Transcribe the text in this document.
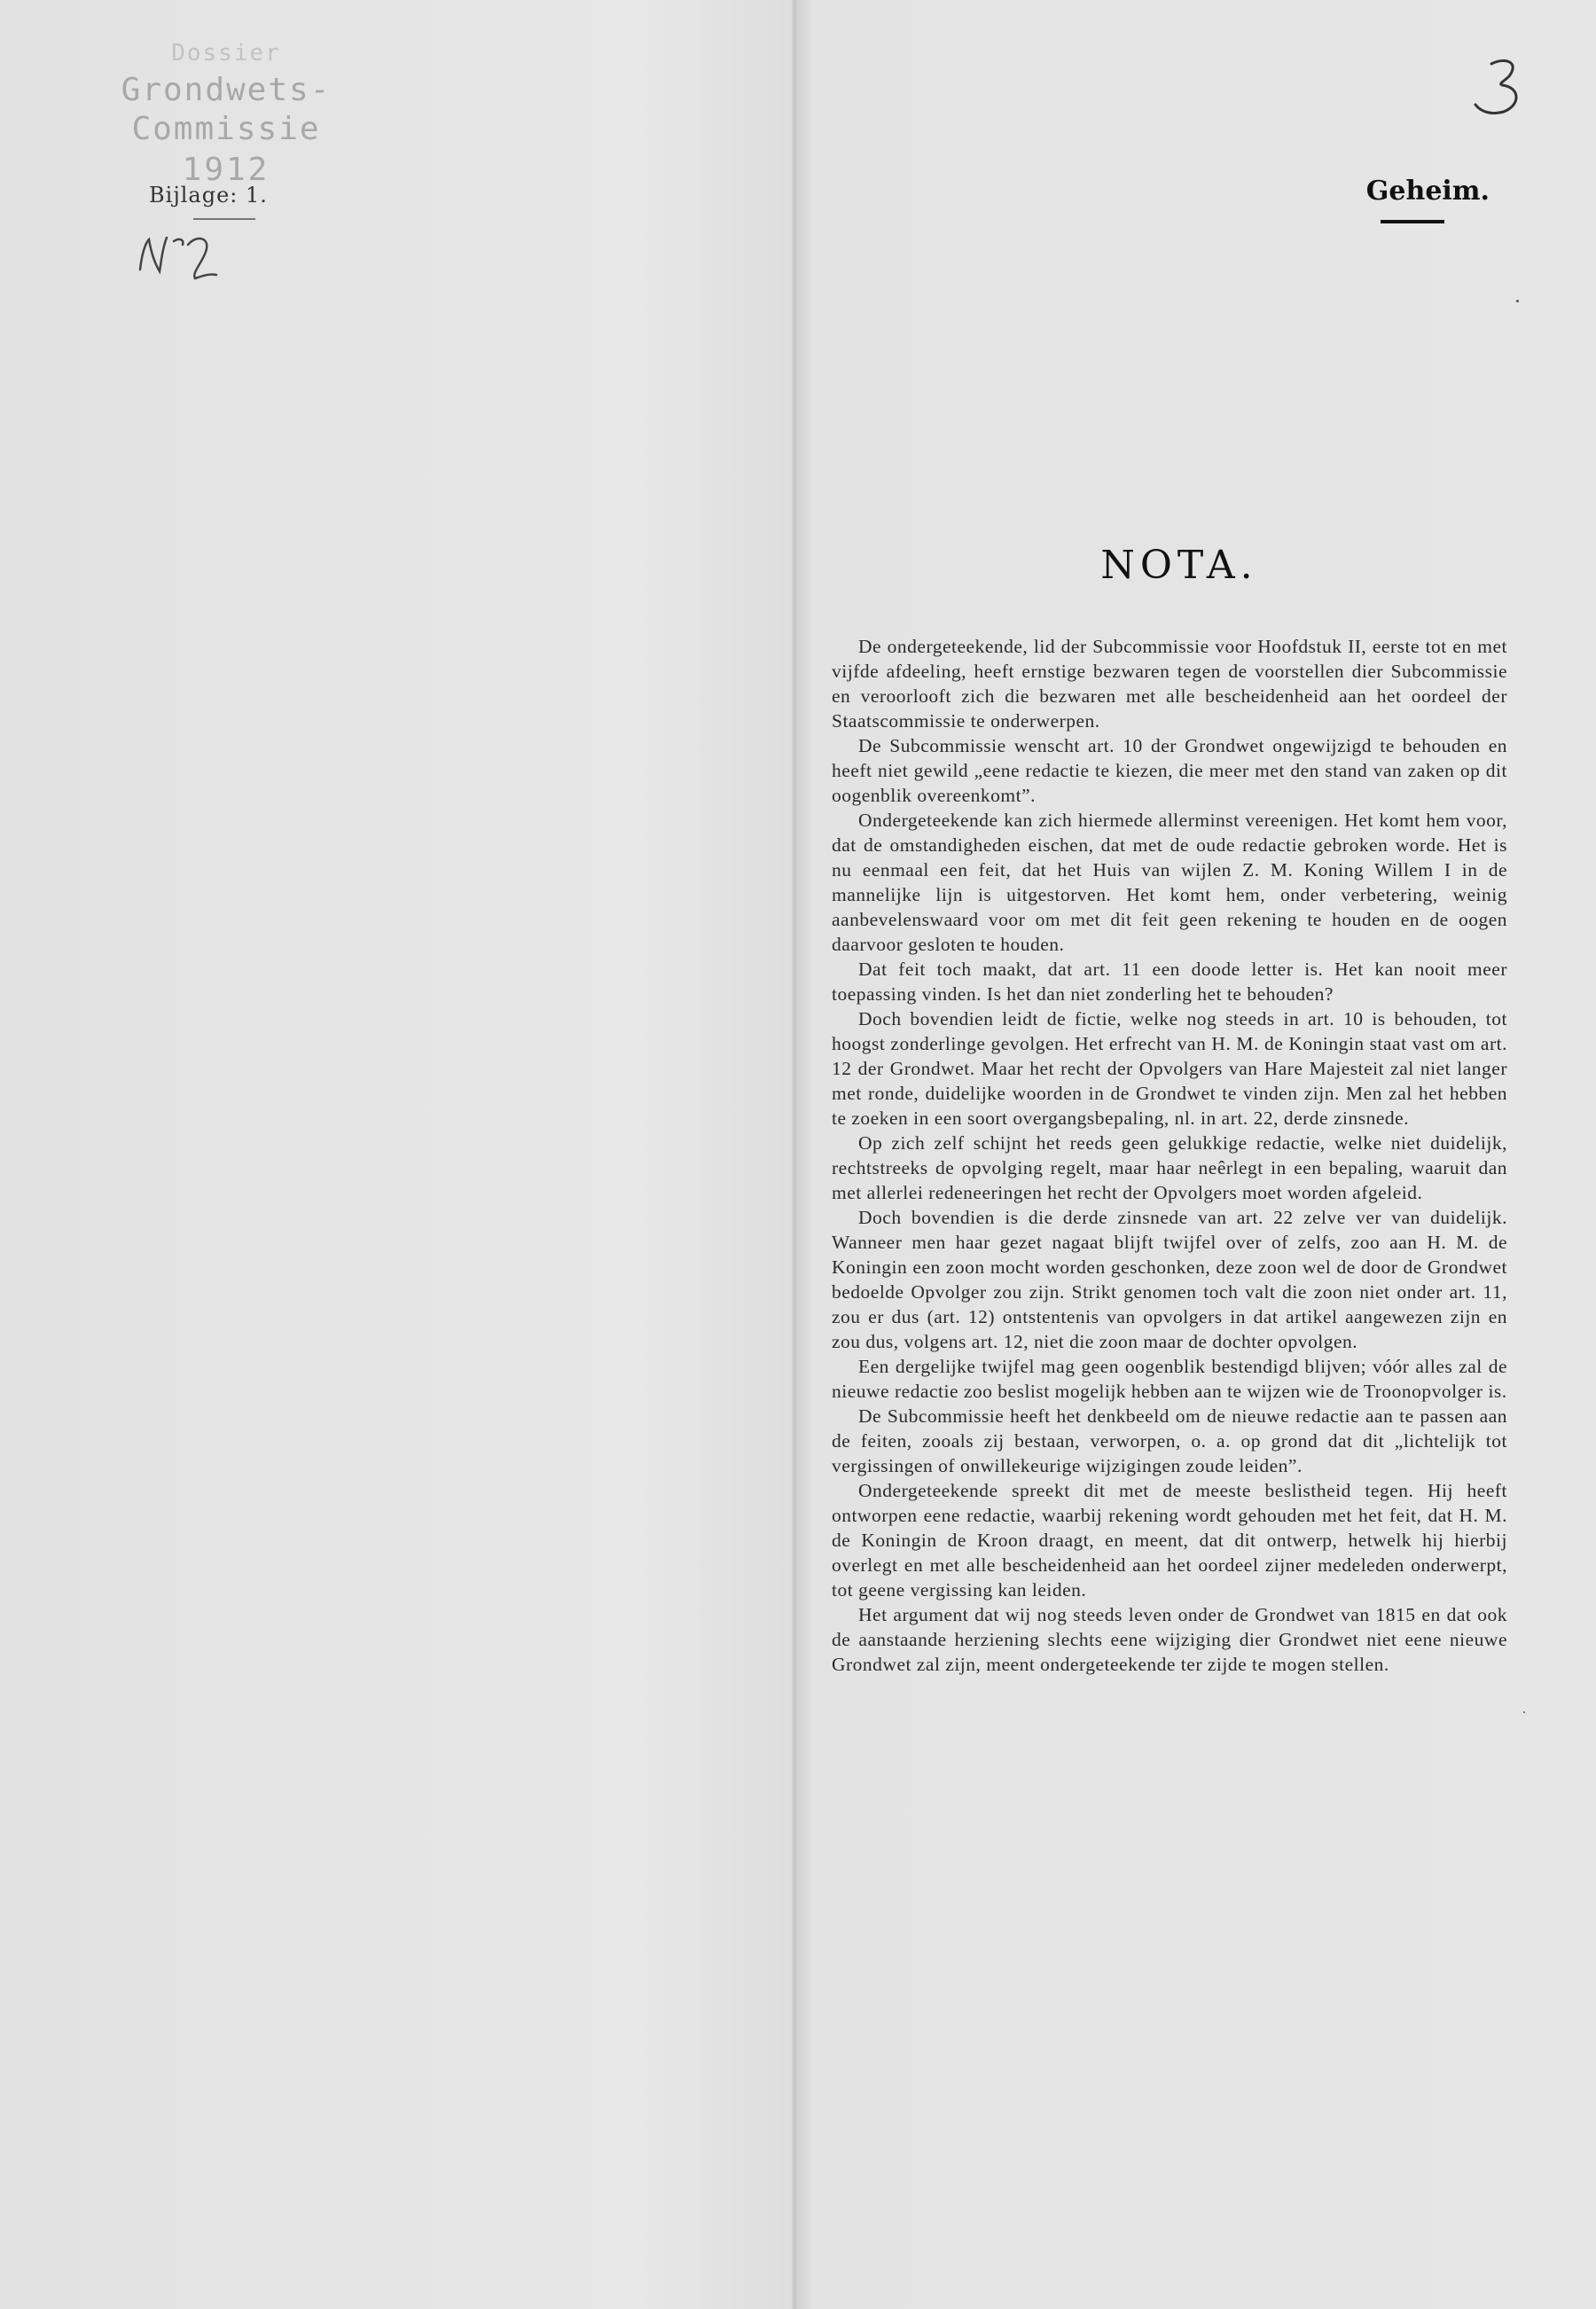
Dossier
Grondwets-Commissie
1912
Bijlage: 1.	Geheim.
NOTA.

De ondergeteekende, lid der Subcommissie voor Hoofdstuk II, eerste tot en met vijfde afdeeling, heeft ernstige bezwaren tegen de voorstellen dier Subcommissie en veroorlooft zich die bezwaren met alle bescheidenheid aan het oordeel der Staatscommissie te onderwerpen.

De Subcommissie wenscht art. 10 der Grondwet ongewijzigd te behouden en heeft niet gewild „eene redactie te kiezen, die meer met den stand van zaken op dit oogenblik overeenkomt”.

Ondergeteekende kan zich hiermede allerminst vereenigen. Het komt hem voor, dat de omstandigheden eischen, dat met de oude redactie gebroken worde. Het is nu eenmaal een feit, dat het Huis van wijlen Z. M. Koning Willem I in de mannelijke lijn is uitgestorven. Het komt hem, onder verbetering, weinig aanbevelenswaard voor om met dit feit geen rekening te houden en de oogen daarvoor gesloten te houden.

Dat feit toch maakt, dat art. 11 een doode letter is. Het kan nooit meer toepassing vinden. Is het dan niet zonderling het te behouden?

Doch bovendien leidt de fictie, welke nog steeds in art. 10 is behouden, tot hoogst zonderlinge gevolgen. Het erfrecht van H. M. de Koningin staat vast om art. 12 der Grondwet. Maar het recht der Opvolgers van Hare Majesteit zal niet langer met ronde, duidelijke woorden in de Grondwet te vinden zijn. Men zal het hebben te zoeken in een soort overgangsbepaling, nl. in art. 22, derde zinsnede.

Op zich zelf schijnt het reeds geen gelukkige redactie, welke niet duidelijk, rechtstreeks de opvolging regelt, maar haar neêrlegt in een bepaling, waaruit dan met allerlei redeneeringen het recht der Opvolgers moet worden afgeleid.

Doch bovendien is die derde zinsnede van art. 22 zelve ver van duidelijk. Wanneer men haar gezet nagaat blijft twijfel over of zelfs, zoo aan H. M. de Koningin een zoon mocht worden geschonken, deze zoon wel de door de Grondwet bedoelde Opvolger zou zijn. Strikt genomen toch valt die zoon niet onder art. 11, zou er dus (art. 12) ontstentenis van opvolgers in dat artikel aangewezen zijn en zou dus, volgens art. 12, niet die zoon maar de dochter opvolgen.

Een dergelijke twijfel mag geen oogenblik bestendigd blijven; vóór alles zal de nieuwe redactie zoo beslist mogelijk hebben aan te wijzen wie de Troonopvolger is.

De Subcommissie heeft het denkbeeld om de nieuwe redactie aan te passen aan de feiten, zooals zij bestaan, verworpen, o. a. op grond dat dit „lichtelijk tot vergissingen of onwillekeurige wijzigingen zoude leiden”.

Ondergeteekende spreekt dit met de meeste beslistheid tegen. Hij heeft ontworpen eene redactie, waarbij rekening wordt gehouden met het feit, dat H. M. de Koningin de Kroon draagt, en meent, dat dit ontwerp, hetwelk hij hierbij overlegt en met alle bescheidenheid aan het oordeel zijner medeleden onderwerpt, tot geene vergissing kan leiden.

Het argument dat wij nog steeds leven onder de Grondwet van 1815 en dat ook de aanstaande herziening slechts eene wijziging dier Grondwet niet eene nieuwe Grondwet zal zijn, meent ondergeteekende ter zijde te mogen stellen.
